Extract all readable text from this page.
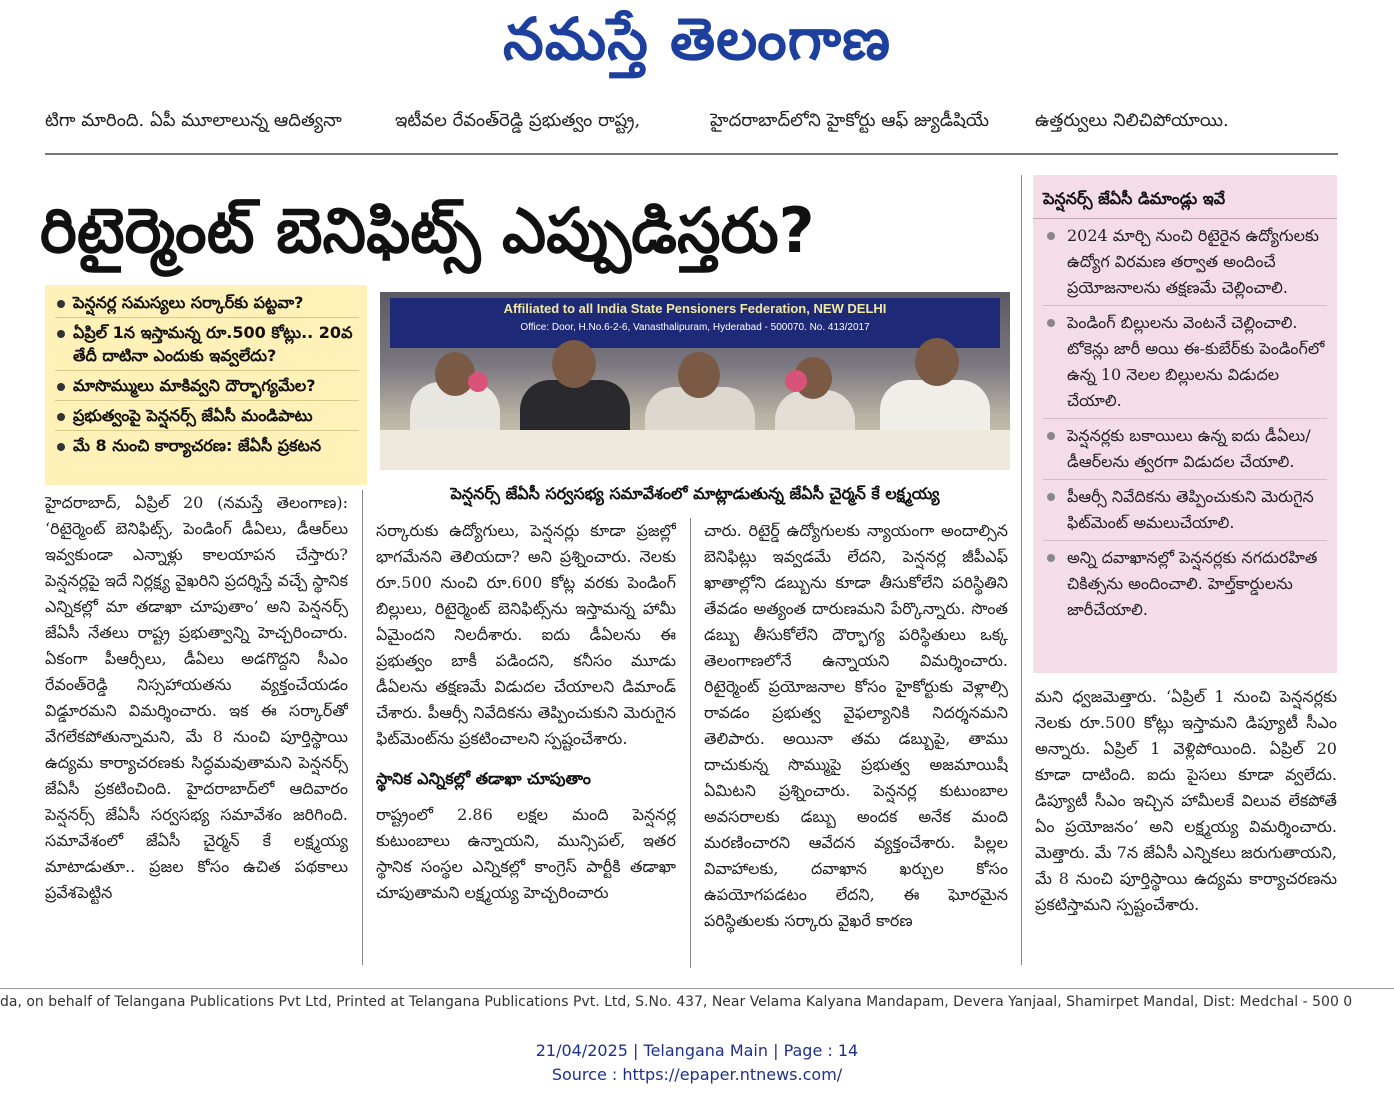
నమస్తే తెలంగాణ
టిగా మారింది. ఏపీ మూలాలున్న ఆదిత్యనా	ఇటీవల రేవంత్‌రెడ్డి ప్రభుత్వం రాష్ట్ర,	హైదరాబాద్‌లోని హైకోర్టు ఆఫ్ జ్యుడీషియే	ఉత్తర్వులు నిలిచిపోయాయి.
రిటైర్మెంట్ బెనిఫిట్స్ ఎప్పుడిస్తరు?
పెన్షనర్ల సమస్యలు సర్కార్‌కు పట్టవా?
ఏప్రిల్ 1న ఇస్తామన్న రూ.500 కోట్లు.. 20వ తేదీ దాటినా ఎందుకు ఇవ్వలేదు?
మాసొమ్ములు మాకివ్వని దౌర్భాగ్యమేల?
ప్రభుత్వంపై పెన్షనర్స్ జేఏసీ మండిపాటు
మే 8 నుంచి కార్యాచరణ: జేఏసీ ప్రకటన
Affiliated to all India State Pensioners Federation, NEW DELHI
Office: Door, H.No.6-2-6, Vanasthalipuram, Hyderabad - 500070. No. 413/2017
పెన్షనర్స్ జేఏసీ సర్వసభ్య సమావేశంలో మాట్లాడుతున్న జేఏసీ చైర్మన్ కే లక్ష్మయ్య

హైదరాబాద్, ఏప్రిల్ 20 (నమస్తే తెలంగాణ): ‘రిటైర్మెంట్ బెనిఫిట్స్, పెండింగ్ డీఏలు, డీఆర్‌లు ఇవ్వకుండా ఎన్నాళ్లు కాలయాపన చేస్తారు? పెన్షనర్లపై ఇదే నిర్లక్ష్య వైఖరిని ప్రదర్శిస్తే వచ్చే స్థానిక ఎన్నికల్లో మా తడాఖా చూపుతాం’ అని పెన్షనర్స్ జేఏసీ నేతలు రాష్ట్ర ప్రభుత్వాన్ని హెచ్చరించారు. ఏకంగా పీఆర్సీలు, డీఏలు అడగొద్దని సీఎం రేవంత్‌రెడ్డి నిస్సహాయతను వ్యక్తంచేయడం విడ్డూరమని విమర్శించారు. ఇక ఈ సర్కార్‌తో వేగలేకపోతున్నామని, మే 8 నుంచి పూర్తిస్థాయి ఉద్యమ కార్యాచరణకు సిద్ధమవుతామని పెన్షనర్స్ జేఏసీ ప్రకటించింది. హైదరాబాద్‌లో ఆదివారం పెన్షనర్స్ జేఏసీ సర్వసభ్య సమావేశం జరిగింది. సమావేశంలో జేఏసీ చైర్మన్ కే లక్ష్మయ్య మాటాడుతూ.. ప్రజల కోసం ఉచిత పథకాలు ప్రవేశపెట్టిన

సర్కారుకు ఉద్యోగులు, పెన్షనర్లు కూడా ప్రజల్లో భాగమేనని తెలియదా? అని ప్రశ్నించారు. నెలకు రూ.500 నుంచి రూ.600 కోట్ల వరకు పెండింగ్ బిల్లులు, రిటైర్మెంట్ బెనిఫిట్స్‌ను ఇస్తామన్న హామీ ఏమైందని నిలదీశారు. ఐదు డీఏలను ఈ ప్రభుత్వం బాకీ పడిందని, కనీసం మూడు డీఏలను తక్షణమే విడుదల చేయాలని డిమాండ్ చేశారు. పీఆర్సీ నివేదికను తెప్పించుకుని మెరుగైన ఫిట్‌మెంట్‌ను ప్రకటించాలని స్పష్టంచేశారు.

స్థానిక ఎన్నికల్లో తడాఖా చూపుతాం

రాష్ట్రంలో 2.86 లక్షల మంది పెన్షనర్ల కుటుంబాలు ఉన్నాయని, మున్సిపల్, ఇతర స్థానిక సంస్థల ఎన్నికల్లో కాంగ్రెస్ పార్టీకి తడాఖా చూపుతామని లక్ష్మయ్య హెచ్చరించారు

చారు. రిటైర్డ్ ఉద్యోగులకు న్యాయంగా అందాల్సిన బెనిఫిట్లు ఇవ్వడమే లేదని, పెన్షనర్ల జీపీఎఫ్ ఖాతాల్లోని డబ్బును కూడా తీసుకోలేని పరిస్థితిని తేవడం అత్యంత దారుణమని పేర్కొన్నారు. సొంత డబ్బు తీసుకోలేని దౌర్భాగ్య పరిస్థితులు ఒక్క తెలంగాణలోనే ఉన్నాయని విమర్శించారు. రిటైర్మెంట్ ప్రయోజనాల కోసం హైకోర్టుకు వెళ్లాల్సి రావడం ప్రభుత్వ వైఫల్యానికి నిదర్శనమని తెలిపారు. అయినా తమ డబ్బుపై, తాము దాచుకున్న సొమ్ముపై ప్రభుత్వ అజమాయిషీ ఏమిటని ప్రశ్నించారు. పెన్షనర్ల కుటుంబాల అవసరాలకు డబ్బు అందక అనేక మంది మరణించారని ఆవేదన వ్యక్తంచేశారు. పిల్లల వివాహాలకు, దవాఖాన ఖర్చుల కోసం ఉపయోగపడటం లేదని, ఈ ఘోరమైన పరిస్థితులకు సర్కారు వైఖరే కారణ

పెన్షనర్స్ జేఏసీ డిమాండ్లు ఇవే
2024 మార్చి నుంచి రిటైరైన ఉద్యోగులకు ఉద్యోగ విరమణ తర్వాత అందించే ప్రయోజనాలను తక్షణమే చెల్లించాలి.
పెండింగ్ బిల్లులను వెంటనే చెల్లించాలి. టోకెన్లు జారీ అయి ఈ-కుబేర్‌కు పెండింగ్‌లో ఉన్న 10 నెలల బిల్లులను విడుదల చేయాలి.
పెన్షనర్లకు బకాయిలు ఉన్న ఐదు డీఏలు/డీఆర్‌లను త్వరగా విడుదల చేయాలి.
పీఆర్సీ నివేదికను తెప్పించుకుని మెరుగైన ఫిట్‌మెంట్ అమలుచేయాలి.
అన్ని దవాఖానల్లో పెన్షనర్లకు నగదురహిత చికిత్సను అందించాలి. హెల్త్‌కార్డులను జారీచేయాలి.

మని ధ్వజమెత్తారు. ‘ఏప్రిల్ 1 నుంచి పెన్షనర్లకు నెలకు రూ.500 కోట్లు ఇస్తామని డిప్యూటీ సీఎం అన్నారు. ఏప్రిల్ 1 వెళ్లిపోయింది. ఏప్రిల్ 20 కూడా దాటింది. ఐదు పైసలు కూడా వ్వలేదు. డిప్యూటీ సీఎం ఇచ్చిన హామీలకే విలువ లేకపోతే ఏం ప్రయోజనం’ అని లక్ష్మయ్య విమర్శించారు. మెత్తారు. మే 7న జేఏసీ ఎన్నికలు జరుగుతాయని, మే 8 నుంచి పూర్తిస్థాయి ఉద్యమ కార్యాచరణను ప్రకటిస్తామని స్పష్టంచేశారు.

da, on behalf of Telangana Publications Pvt Ltd, Printed at Telangana Publications Pvt. Ltd, S.No. 437, Near Velama Kalyana Mandapam, Devera Yanjaal, Shamirpet Mandal, Dist: Medchal - 500 0
21/04/2025 | Telangana Main | Page : 14
Source : https://epaper.ntnews.com/
